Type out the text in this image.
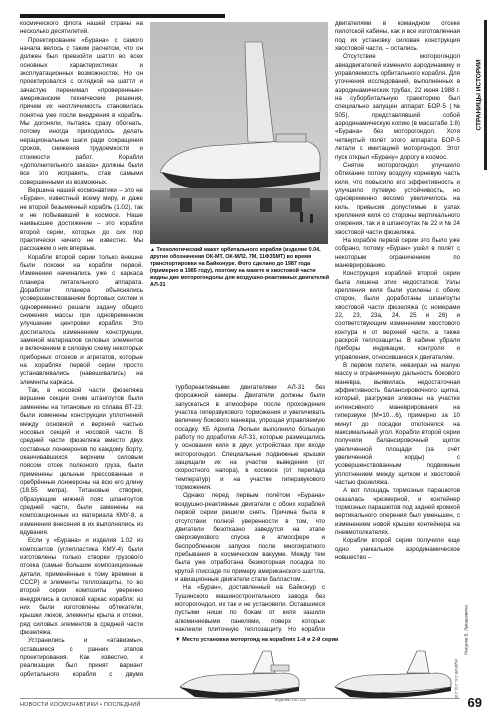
СТРАНИЦЫ ИСТОРИИ

космического флота нашей страны на несколько десятилетий.

Проектирование «Бурана» с самого начала велось с таким расчетом, что он должен был превзойти шаттл во всех основных характеристиках и эксплуатационных возможностях. Но он проектировался с оглядкой на шаттл и зачастую перенимал «проверенные» американские технические решения, причем их неотличимость становилась понятна уже после внедрения в корабль. Мы догоняли, пытаясь сразу обогнать, потому иногда приходилось делать нерациональные шаги ради сокращения сроков, снижения трудоемкости и стоимости работ. Корабли «дополнительного заказа» должны были все это исправить, став самыми совершенными из возможных.

Вершина нашей космонавтики – это не «Буран», известный всему миру, и даже не второй безымянный корабль (1.02), так и не побывавший в космосе. Наше наивысшее достижение – это корабли второй серии, которых до сих пор практически ничего не известно. Мы расскажем о них впервые.

Корабли второй серии только внешне были похожи на корабли первой. Изменения начинались уже с каркаса планера летательного аппарата. Доработки планера объяснялись усовершенствованием бортовых систем и одновременно решали задачу общего снижения массы при одновременном улучшении центровки корабля. Это достигалось изменением конструкции, заменой материалов силовых элементов и включением в силовую схему некоторых приборных отсеков и агрегатов, которые на кораблях первой серии просто устанавливались (навешивались) на элементы каркаса.

Так, в носовой части фюзеляжа вершине секции сним штангоутов были заменены на титановые из сплава ВТ-23; были изменены конструкции уплотнений между основной и верхней частью носовых секций и носовой части. В средней части фюзеляжа вместо двух составных лонжеронов по каждому борту, оканчивавшихся верхним силовым поясом отсек полезного груза, были применены цельные прессованные и оребрённые лонжероны на всю его длину (18.55 метра). Титановые створки, образующие нижний пояс шпангоутов средней части, были заменены на композиционные из материала КМУ-8, а изменения внесения в их выполнялись из вдувания.

Если у «Бурана» и изделия 1.02 из композитов (углепластика КМУ-4) были изготовлены только створки грузового отсека (самые большие композиционные детали, применённые к тому времени в СССР) и элементы теплозащиты, то во второй серии композиты уверенно внедрялись в силовой каркас корабля: из них были изготовлены обтекатели, крышки люков, элементы крыла и отсеки, ряд силовых элементов в средней части фюзеляжа.

Устранились и «атавизмы», оставшиеся с ранних этапов проектирования. Как известно, к реализации был принят вариант орбитального корабля с двумя

▲ Технологический макет орбитального корабля (изделие 0.04, другие обозначения ОК-МТ, ОК-МЛ2, 7М, 11Ф35МТ) во время транспортировки на Байконуре. Фото сделано до 1987 года (примерно в 1985 году), поэтому на макете в хвостовой части видны две моторогондолы для воздушно-реактивных двигателей АЛ-31

турбореактивными двигателями АЛ-31 без форсажной камеры. Двигатели должны были запускаться в атмосфере после прохождения участка гиперзвукового торможения и увеличивать величину бокового маневра, упрощая управляемую посадку. КБ Архипа Люльки выполнило большую работу по доработке АЛ-31, которые размещались у основания киля в двух устройствах при входе моторогондол. Специальные подвижные крышки защищали их на участке выведения (от скоростного напора), в космосе (от перепада температур) и на участке гиперзвукового торможения.

Однако перед первым полётом «Бурана» воздушно-реактивные двигатели с обоих кораблей первой серии решили снять. Причина была в отсутствии полной уверенности в том, что двигатели безотказно заведутся на этапе сверхзвукового спуска в атмосфере и беспробленном запуске после многократного пребывания в космическом вакууме. Между тем была уже отработана безмоторная посадка по крутой глиссаде по примеру американского шаттла, и авиационные двигатели стали балластом…

На «Буран», доставленный на Байконур с Тушинского машиностроительного завода без моторогондол, их так и не установили. Оставшиеся пустыми ниши по бокам от киля зашили алюминиевыми панелями, поверх которых наклеили плиточную теплозащиту. Но корабли

двигателями в командном отсеке пилотской кабины, как и все изготовленная под их установку силовая конструкция хвостовой части, – остались.

Отсутствие моторогондол авиадвигателей изменило аэродинамику и управляемость орбитального корабля. Для уточнения исследований, выполненных в аэродинамических трубах, 22 июня 1988 г. на суборбитальную траекторию был специально запущен аппарат БОР-5 (№ 505), представлявший собой аэродинамическую копию (в масштабе 1:8) «Бурана» без моторогондол. Хотя четвертый полёт этого аппарата БОР-5 летали с имитацией моторгондол. Этот пуск открыл «Бурану» дорогу в космос.

Снятие моторогондол улучшило обтекание потоку воздуху корневую часть киля, что повысило его эффективность и улучшило путевую устойчивость, но одновременно весомо увеличилось на киль, превысив допустимые в узлах крепления киля со стороны вертикального оперения, так и в шпангоутах № 22 и № 24 хвостовой части фюзеляжа.

На корабле первой серии это было уже собрано, потому «Буран» ушёл в полёт с некоторым ограничением по маневрированию.

Конструкция кораблей второй серии была лишена этих недостатков. Узлы крепления киля были усилены с обеих сторон, были доработаны шпангоуты хвостовой части фюзеляжа (с номерами 22, 23, 23а, 24, 25 и 26) и соответствующим изменением хвостового контура и от верхней части, а также раскрой теплозащиты. В кабине убрали приборы индикации, контроля и управления, относившиеся к двигателям.

В первом полете, невзирая на малую массу и ограниченную дальность бокового маневра, выявилась недостаточная эффективность балансировочного щитка, который, разгружая элевоны на участке интенсивного маневрирования на гиперзвуке (M=10…6), примерно за 10 минут до посадки отклонялся на максимальный угол. Корабли второй серии получили балансировочный щиток увеличенной площади (за счёт увеличенной хорды) с усовершенствованным подвижным уплотнением между щитком и хвостовой частью фюзеляжа.

А вот площадь тормозных парашютов оказалась чрезмерной, и контейнер тормозных парашютов под задней кромкой вертикального оперения был уменьшен, с изменением новой крышки контейнера на пневмотолкателях.

Корабли второй серии получили еще одно уникальное аэродинамическое новшество –

▼ Место установки моторгонд на кораблях 1-й и 2-й серии
ИЗДЕЛИЕ 1.01, 1.02
ИЗДЕЛИЕ 2.01, 2.02, 2.03
Рисунок В. Лукашевича
НОВОСТИ КОСМОНАВТИКИ • ПОСЛЕДНИЙ	69
